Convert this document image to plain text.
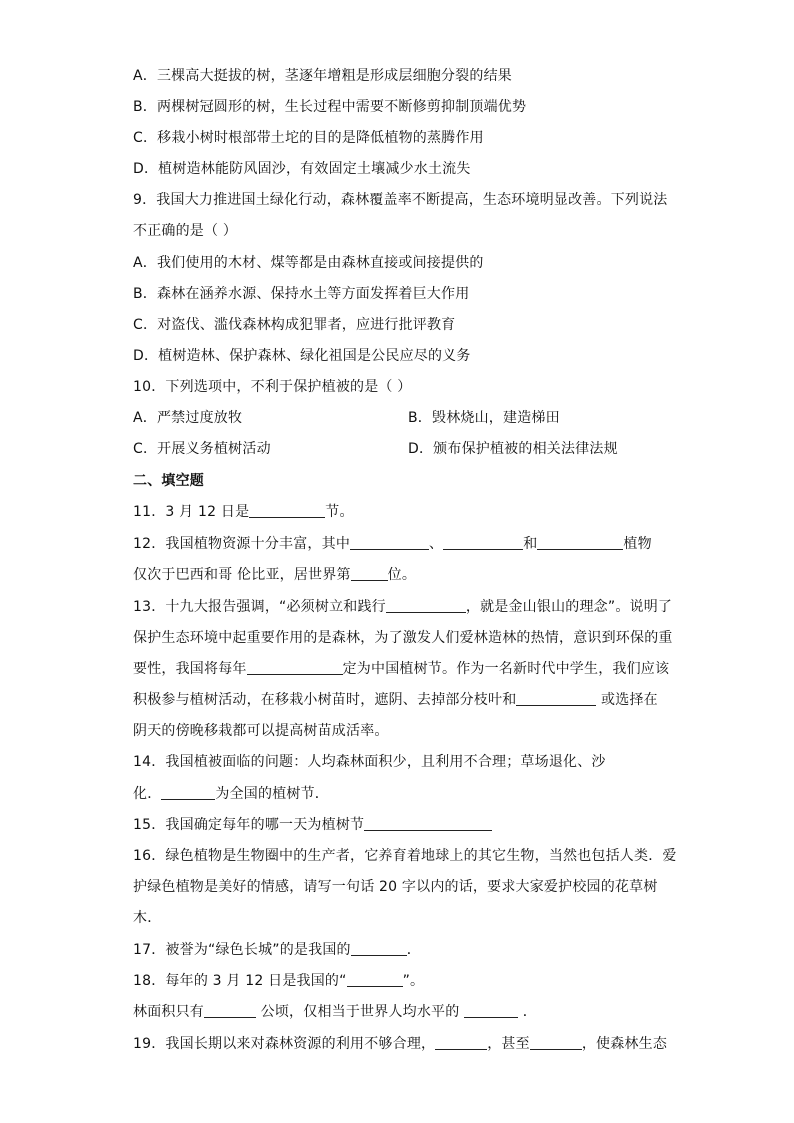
A．三棵高大挺拔的树，茎逐年增粗是形成层细胞分裂的结果
B．两棵树冠圆形的树，生长过程中需要不断修剪抑制顶端优势
C．移栽小树时根部带土坨的目的是降低植物的蒸腾作用
D．植树造林能防风固沙，有效固定土壤减少水土流失
9．我国大力推进国土绿化行动，森林覆盖率不断提高，生态环境明显改善。下列说法
不正确的是（ ）
A．我们使用的木材、煤等都是由森林直接或间接提供的
B．森林在涵养水源、保持水土等方面发挥着巨大作用
C．对盗伐、滥伐森林构成犯罪者，应进行批评教育
D．植树造林、保护森林、绿化祖国是公民应尽的义务
10．下列选项中，不利于保护植被的是（ ）
A．严禁过度放牧	B．毁林烧山，建造梯田
C．开展义务植树活动	D．颁布保护植被的相关法律法规
二、填空题
11．3 月 12 日是	节。
12．我国植物资源十分丰富，其中	、	和	植物
仅次于巴西和哥 伦比亚，居世界第	位。
13．十九大报告强调，“必须树立和践行	，就是金山银山的理念”。说明了
保护生态环境中起重要作用的是森林，为了激发人们爱林造林的热情，意识到环保的重
要性，我国将每年	定为中国植树节。作为一名新时代中学生，我们应该
积极参与植树活动，在移栽小树苗时，遮阴、去掉部分枝叶和	或选择在
阴天的傍晚移栽都可以提高树苗成活率。
14．我国植被面临的问题：人均森林面积少，且利用不合理；草场退化、沙
化．	为全国的植树节．
15．我国确定每年的哪一天为植树节
16．绿色植物是生物圈中的生产者，它养育着地球上的其它生物，当然也包括人类．爱
护绿色植物是美好的情感，请写一句话 20 字以内的话，要求大家爱护校园的花草树
木．
17．被誉为“绿色长城”的是我国的	．
18．每年的 3 月 12 日是我国的“	”。
林面积只有	公顷，仅相当于世界人均水平的	．
19．我国长期以来对森林资源的利用不够合理，	，甚至	，使森林生态
